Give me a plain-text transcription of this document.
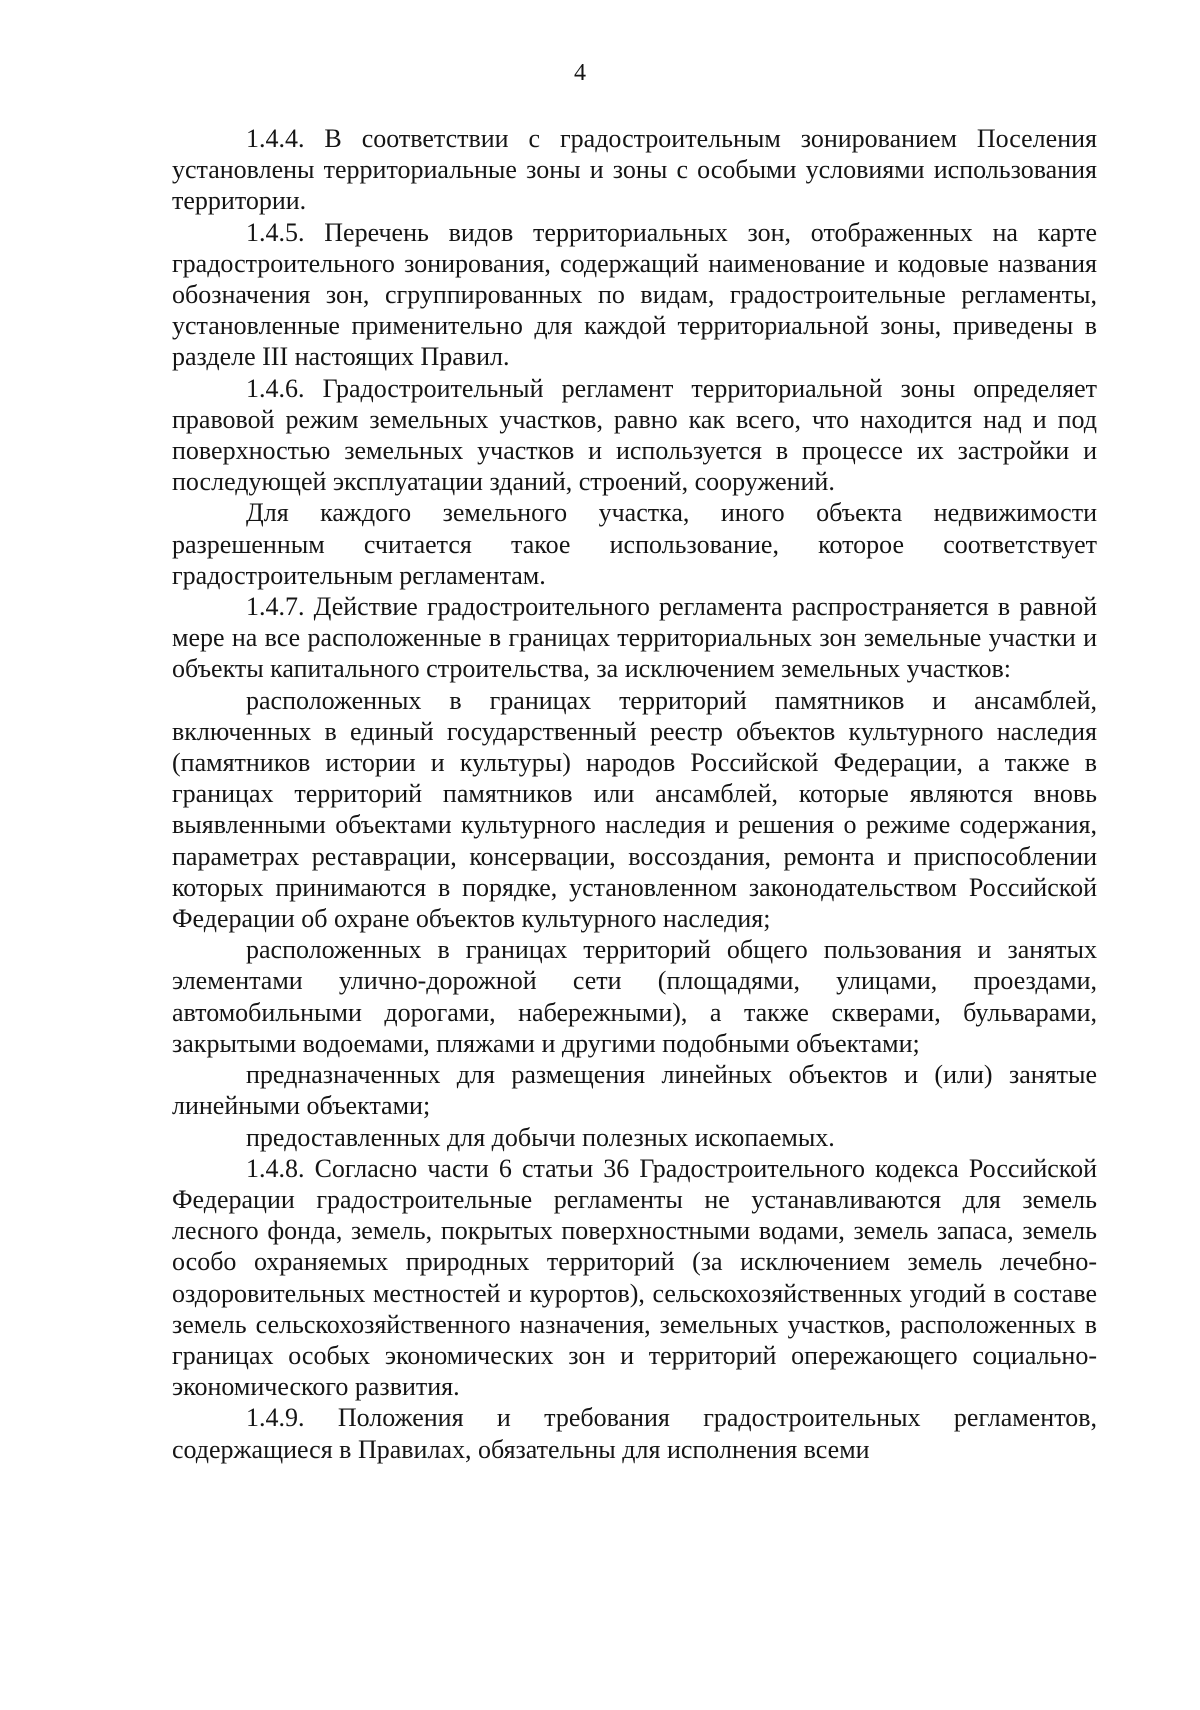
4

1.4.4. В соответствии с градостроительным зонированием Поселения установлены территориальные зоны и зоны с особыми условиями использования территории.

1.4.5. Перечень видов территориальных зон, отображенных на карте градостроительного зонирования, содержащий наименование и кодовые названия обозначения зон, сгруппированных по видам, градостроительные регламенты, установленные применительно для каждой территориальной зоны, приведены в разделе III настоящих Правил.

1.4.6. Градостроительный регламент территориальной зоны определяет правовой режим земельных участков, равно как всего, что находится над и под поверхностью земельных участков и используется в процессе их застройки и последующей эксплуатации зданий, строений, сооружений.

Для каждого земельного участка, иного объекта недвижимости разрешенным считается такое использование, которое соответствует градостроительным регламентам.

1.4.7. Действие градостроительного регламента распространяется в равной мере на все расположенные в границах территориальных зон земельные участки и объекты капитального строительства, за исключением земельных участков:

расположенных в границах территорий памятников и ансамблей, включенных в единый государственный реестр объектов культурного наследия (памятников истории и культуры) народов Российской Федерации, а также в границах территорий памятников или ансамблей, которые являются вновь выявленными объектами культурного наследия и решения о режиме содержания, параметрах реставрации, консервации, воссоздания, ремонта и приспособлении которых принимаются в порядке, установленном законодательством Российской Федерации об охране объектов культурного наследия;

расположенных в границах территорий общего пользования и занятых элементами улично-дорожной сети (площадями, улицами, проездами, автомобильными дорогами, набережными), а также скверами, бульварами, закрытыми водоемами, пляжами и другими подобными объектами;

предназначенных для размещения линейных объектов и (или) занятые линейными объектами;

предоставленных для добычи полезных ископаемых.

1.4.8. Согласно части 6 статьи 36 Градостроительного кодекса Российской Федерации градостроительные регламенты не устанавливаются для земель лесного фонда, земель, покрытых поверхностными водами, земель запаса, земель особо охраняемых природных территорий (за исключением земель лечебно-оздоровительных местностей и курортов), сельскохозяйственных угодий в составе земель сельскохозяйственного назначения, земельных участков, расположенных в границах особых экономических зон и территорий опережающего социально-экономического развития.

1.4.9. Положения и требования градостроительных регламентов, содержащиеся в Правилах, обязательны для исполнения всеми
